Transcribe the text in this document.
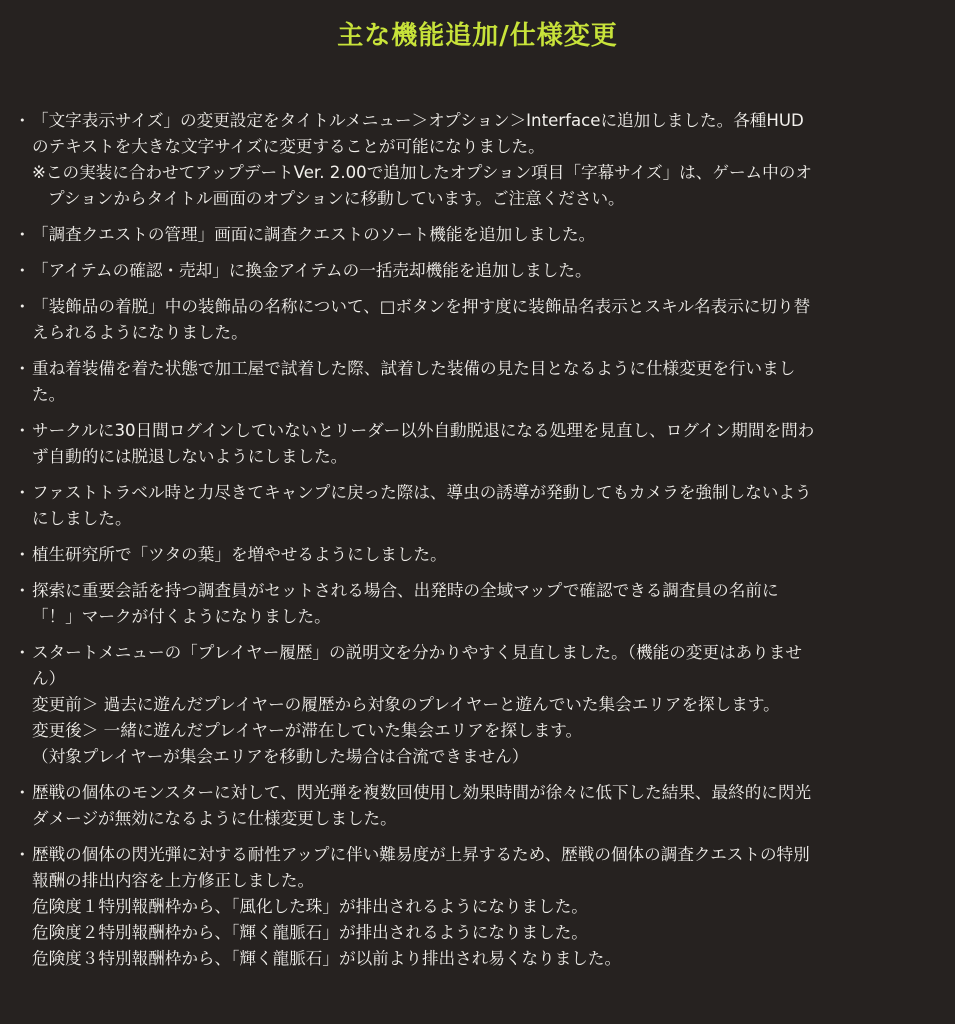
主な機能追加/仕様変更
・ 「文字表示サイズ」の変更設定をタイトルメニュー＞オプション＞Interfaceに追加しました。各種HUD
のテキストを大きな文字サイズに変更することが可能になりました。
※この実装に合わせてアップデートVer. 2.00で追加したオプション項目「字幕サイズ」は、ゲーム中のオ
プションからタイトル画面のオプションに移動しています。ご注意ください。
・ 「調査クエストの管理」画面に調査クエストのソート機能を追加しました。
・ 「アイテムの確認・売却」に換金アイテムの一括売却機能を追加しました。
・ 「装飾品の着脱」中の装飾品の名称について、□ボタンを押す度に装飾品名表示とスキル名表示に切り替
えられるようになりました。
・ 重ね着装備を着た状態で加工屋で試着した際、試着した装備の見た目となるように仕様変更を行いまし
た。
・ サークルに30日間ログインしていないとリーダー以外自動脱退になる処理を見直し、ログイン期間を問わ
ず自動的には脱退しないようにしました。
・ ファストトラベル時と力尽きてキャンプに戻った際は、導虫の誘導が発動してもカメラを強制しないよう
にしました。
・ 植生研究所で「ツタの葉」を増やせるようにしました。
・ 探索に重要会話を持つ調査員がセットされる場合、出発時の全域マップで確認できる調査員の名前に
「！」マークが付くようになりました。
・ スタートメニューの「プレイヤー履歴」の説明文を分かりやすく見直しました。（機能の変更はありませ
ん）
変更前＞ 過去に遊んだプレイヤーの履歴から対象のプレイヤーと遊んでいた集会エリアを探します。
変更後＞ 一緒に遊んだプレイヤーが滞在していた集会エリアを探します。
（対象プレイヤーが集会エリアを移動した場合は合流できません）
・ 歴戦の個体のモンスターに対して、閃光弾を複数回使用し効果時間が徐々に低下した結果、最終的に閃光
ダメージが無効になるように仕様変更しました。
・ 歴戦の個体の閃光弾に対する耐性アップに伴い難易度が上昇するため、歴戦の個体の調査クエストの特別
報酬の排出内容を上方修正しました。
危険度１特別報酬枠から、「風化した珠」が排出されるようになりました。
危険度２特別報酬枠から、「輝く龍脈石」が排出されるようになりました。
危険度３特別報酬枠から、「輝く龍脈石」が以前より排出され易くなりました。
